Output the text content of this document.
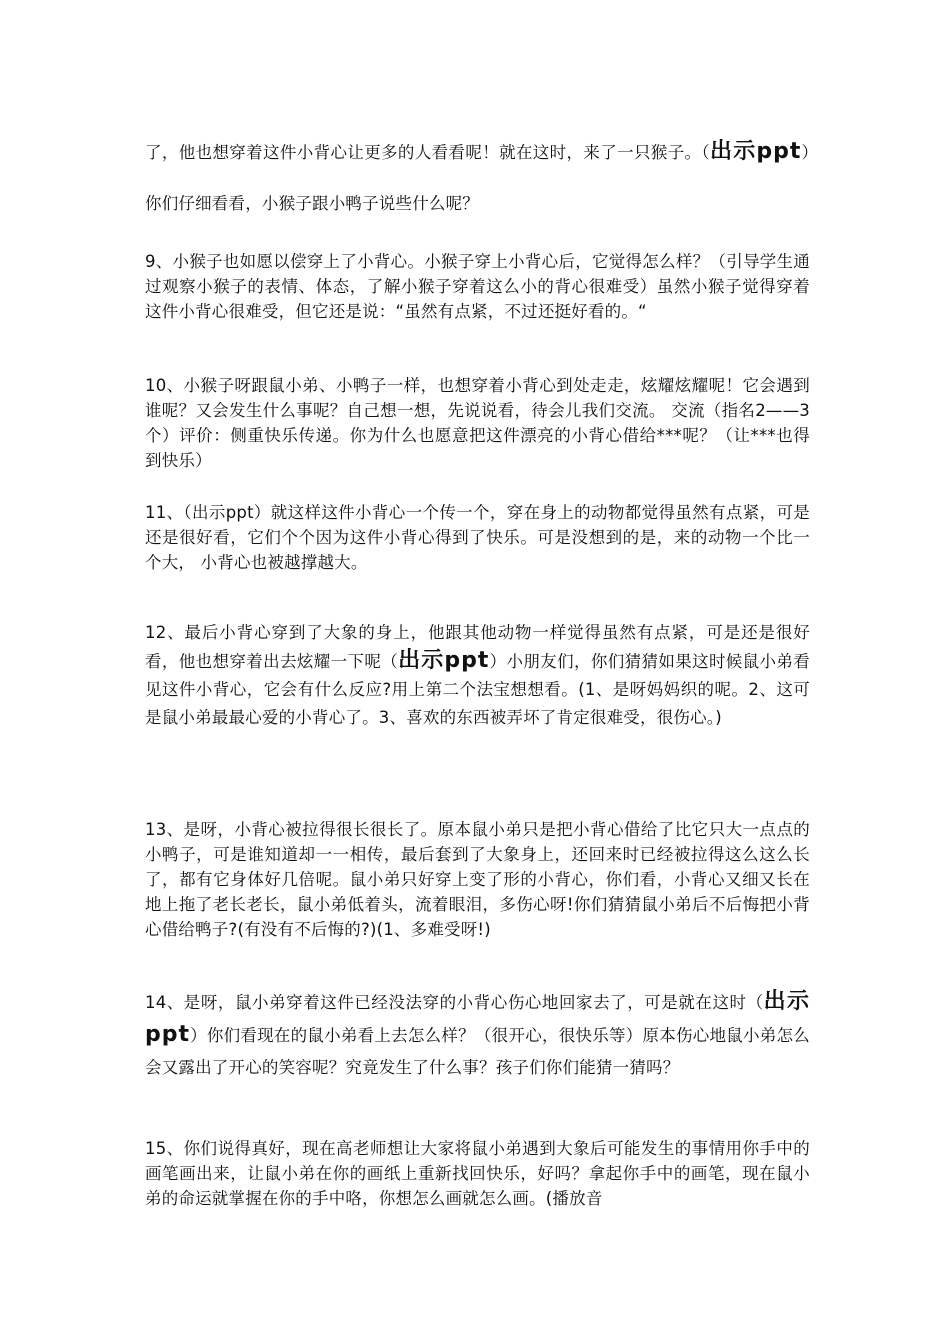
了，他也想穿着这件小背心让更多的人看看呢！就在这时，来了一只猴子。（出示ppt）你们仔细看看，小猴子跟小鸭子说些什么呢？

9、小猴子也如愿以偿穿上了小背心。小猴子穿上小背心后，它觉得怎么样？（引导学生通过观察小猴子的表情、体态，了解小猴子穿着这么小的背心很难受）虽然小猴子觉得穿着这件小背心很难受，但它还是说：“虽然有点紧，不过还挺好看的。“

10、小猴子呀跟鼠小弟、小鸭子一样，也想穿着小背心到处走走，炫耀炫耀呢！它会遇到谁呢？又会发生什么事呢？自己想一想，先说说看，待会儿我们交流。 交流（指名2——3个）评价：侧重快乐传递。你为什么也愿意把这件漂亮的小背心借给***呢？（让***也得到快乐）

11、（出示ppt）就这样这件小背心一个传一个，穿在身上的动物都觉得虽然有点紧，可是还是很好看，它们个个因为这件小背心得到了快乐。可是没想到的是，来的动物一个比一个大， 小背心也被越撑越大。

12、最后小背心穿到了大象的身上，他跟其他动物一样觉得虽然有点紧，可是还是很好看，他也想穿着出去炫耀一下呢（出示ppt）小朋友们，你们猜猜如果这时候鼠小弟看见这件小背心，它会有什么反应?用上第二个法宝想想看。(1、是呀妈妈织的呢。2、这可是鼠小弟最最心爱的小背心了。3、喜欢的东西被弄坏了肯定很难受，很伤心。)

13、是呀，小背心被拉得很长很长了。原本鼠小弟只是把小背心借给了比它只大一点点的小鸭子，可是谁知道却一一相传，最后套到了大象身上，还回来时已经被拉得这么这么长了，都有它身体好几倍呢。鼠小弟只好穿上变了形的小背心，你们看，小背心又细又长在地上拖了老长老长，鼠小弟低着头，流着眼泪，多伤心呀!你们猜猜鼠小弟后不后悔把小背心借给鸭子?(有没有不后悔的?)(1、多难受呀!)

14、是呀，鼠小弟穿着这件已经没法穿的小背心伤心地回家去了，可是就在这时（出示ppt）你们看现在的鼠小弟看上去怎么样？（很开心，很快乐等）原本伤心地鼠小弟怎么会又露出了开心的笑容呢？究竟发生了什么事？孩子们你们能猜一猜吗？

15、你们说得真好，现在高老师想让大家将鼠小弟遇到大象后可能发生的事情用你手中的画笔画出来，让鼠小弟在你的画纸上重新找回快乐，好吗？拿起你手中的画笔，现在鼠小弟的命运就掌握在你的手中咯，你想怎么画就怎么画。(播放音
